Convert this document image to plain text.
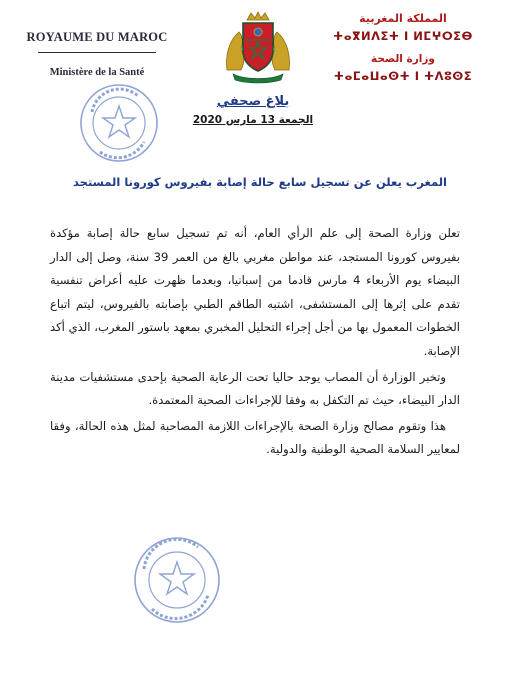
ROYAUME DU MAROC
Ministère de la Santé
المملكة المغربية
ⵜⴰⴳⵍⴷⵉⵜ ⵏ ⵍⵎⵖⵔⵉⴱ
وزارة الصحة
ⵜⴰⵎⴰⵡⴰⵙⵜ ⵏ ⵜⴷⵓⵙⵉ
بلاغ صحفي
الجمعة 13 مارس 2020
المغرب يعلن عن تسجيل سابع حالة إصابة بفيروس كورونا المستجد

تعلن وزارة الصحة إلى علم الرأي العام، أنه تم تسجيل سابع حالة إصابة مؤكدة بفيروس كورونا المستجد، عند مواطن مغربي بالغ من العمر 39 سنة، وصل إلى الدار البيضاء يوم الأربعاء 4 مارس قادما من إسبانيا، وبعدما ظهرت عليه أعراض تنفسية تقدم على إثرها إلى المستشفى، اشتبه الطاقم الطبي بإصابته بالفيروس، ليتم اتباع الخطوات المعمول بها من أجل إجراء التحليل المخبري بمعهد باستور المغرب، الذي أكد الإصابة.

وتخبر الوزارة أن المصاب يوجد حاليا تحت الرعاية الصحية بإحدى مستشفيات مدينة الدار البيضاء، حيث تم التكفل به وفقا للإجراءات الصحية المعتمدة.

هذا وتقوم مصالح وزارة الصحة بالإجراءات اللازمة المصاحبة لمثل هذه الحالة، وفقا لمعايير السلامة الصحية الوطنية والدولية.
